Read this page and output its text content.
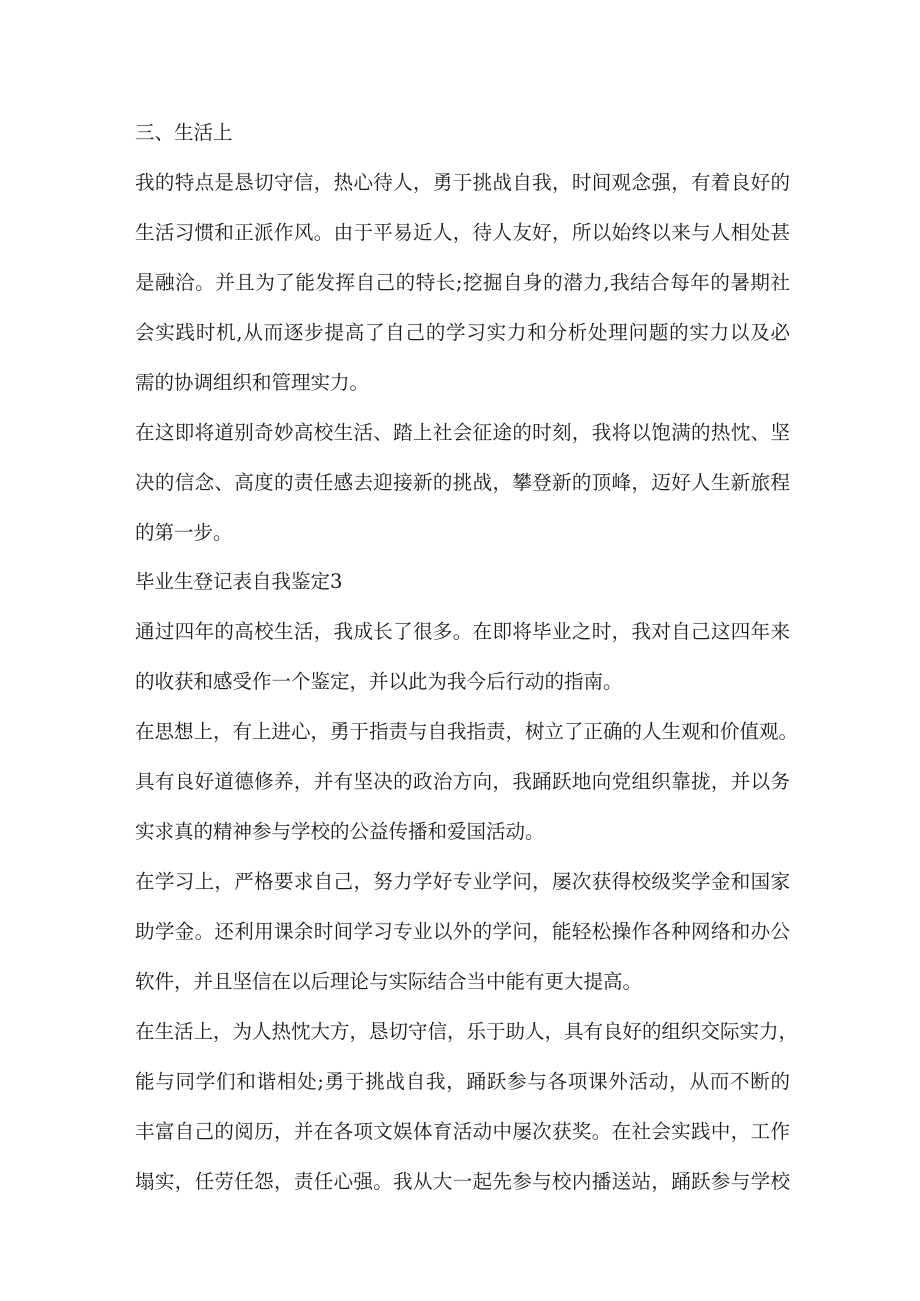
三、生活上

我的特点是恳切守信，热心待人，勇于挑战自我，时间观念强，有着良好的

生活习惯和正派作风。由于平易近人，待人友好，所以始终以来与人相处甚

是融洽。并且为了能发挥自己的特长;挖掘自身的潜力,我结合每年的暑期社

会实践时机,从而逐步提高了自己的学习实力和分析处理问题的实力以及必

需的协调组织和管理实力。

在这即将道别奇妙高校生活、踏上社会征途的时刻，我将以饱满的热忱、坚

决的信念、高度的责任感去迎接新的挑战，攀登新的顶峰，迈好人生新旅程

的第一步。

毕业生登记表自我鉴定3

通过四年的高校生活，我成长了很多。在即将毕业之时，我对自己这四年来

的收获和感受作一个鉴定，并以此为我今后行动的指南。

在思想上，有上进心，勇于指责与自我指责，树立了正确的人生观和价值观。

具有良好道德修养，并有坚决的政治方向，我踊跃地向党组织靠拢，并以务

实求真的精神参与学校的公益传播和爱国活动。

在学习上，严格要求自己，努力学好专业学问，屡次获得校级奖学金和国家

助学金。还利用课余时间学习专业以外的学问，能轻松操作各种网络和办公

软件，并且坚信在以后理论与实际结合当中能有更大提高。

在生活上，为人热忱大方，恳切守信，乐于助人，具有良好的组织交际实力，

能与同学们和谐相处;勇于挑战自我，踊跃参与各项课外活动，从而不断的

丰富自己的阅历，并在各项文娱体育活动中屡次获奖。在社会实践中，工作

塌实，任劳任怨，责任心强。我从大一起先参与校内播送站，踊跃参与学校
